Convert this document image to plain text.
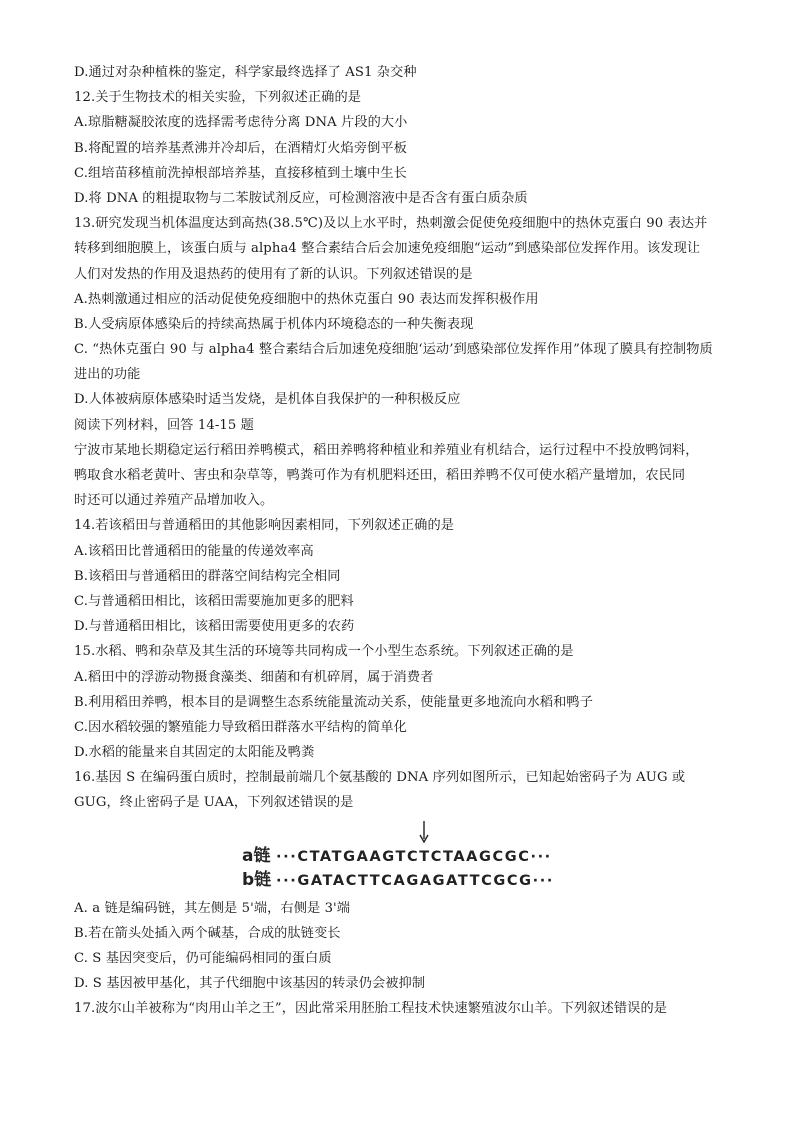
D.通过对杂种植株的鉴定，科学家最终选择了 AS1 杂交种
12.关于生物技术的相关实验，下列叙述正确的是
A.琼脂糖凝胶浓度的选择需考虑待分离 DNA 片段的大小
B.将配置的培养基煮沸并冷却后，在酒精灯火焰旁倒平板
C.组培苗移植前洗掉根部培养基，直接移植到土壤中生长
D.将 DNA 的粗提取物与二苯胺试剂反应，可检测溶液中是否含有蛋白质杂质
13.研究发现当机体温度达到高热(38.5℃)及以上水平时，热刺激会促使免疫细胞中的热休克蛋白 90 表达并
转移到细胞膜上，该蛋白质与 alpha4 整合素结合后会加速免疫细胞“运动”到感染部位发挥作用。该发现让
人们对发热的作用及退热药的使用有了新的认识。下列叙述错误的是
A.热刺激通过相应的活动促使免疫细胞中的热休克蛋白 90 表达而发挥积极作用
B.人受病原体感染后的持续高热属于机体内环境稳态的一种失衡表现
C. “热休克蛋白 90 与 alpha4 整合素结合后加速免疫细胞‘运动’到感染部位发挥作用”体现了膜具有控制物质
进出的功能
D.人体被病原体感染时适当发烧，是机体自我保护的一种积极反应
阅读下列材料，回答 14-15 题
宁波市某地长期稳定运行稻田养鸭模式，稻田养鸭将种植业和养殖业有机结合，运行过程中不投放鸭饲料，
鸭取食水稻老黄叶、害虫和杂草等，鸭粪可作为有机肥料还田，稻田养鸭不仅可使水稻产量增加，农民同
时还可以通过养殖产品增加收入。
14.若该稻田与普通稻田的其他影响因素相同，下列叙述正确的是
A.该稻田比普通稻田的能量的传递效率高
B.该稻田与普通稻田的群落空间结构完全相同
C.与普通稻田相比，该稻田需要施加更多的肥料
D.与普通稻田相比，该稻田需要使用更多的农药
15.水稻、鸭和杂草及其生活的环境等共同构成一个小型生态系统。下列叙述正确的是
A.稻田中的浮游动物摄食藻类、细菌和有机碎屑，属于消费者
B.利用稻田养鸭，根本目的是调整生态系统能量流动关系，使能量更多地流向水稻和鸭子
C.因水稻较强的繁殖能力导致稻田群落水平结构的简单化
D.水稻的能量来自其固定的太阳能及鸭粪
16.基因 S 在编码蛋白质时，控制最前端几个氨基酸的 DNA 序列如图所示，已知起始密码子为 AUG 或
GUG，终止密码子是 UAA，下列叙述错误的是
a链 ···CTATGAAGTCTCTAAGCGC···
b链 ···GATACTTCAGAGATTCGCG···
A. a 链是编码链，其左侧是 5'端，右侧是 3'端
B.若在箭头处插入两个碱基，合成的肽链变长
C. S 基因突变后，仍可能编码相同的蛋白质
D. S 基因被甲基化，其子代细胞中该基因的转录仍会被抑制
17.波尔山羊被称为“肉用山羊之王”，因此常采用胚胎工程技术快速繁殖波尔山羊。下列叙述错误的是
